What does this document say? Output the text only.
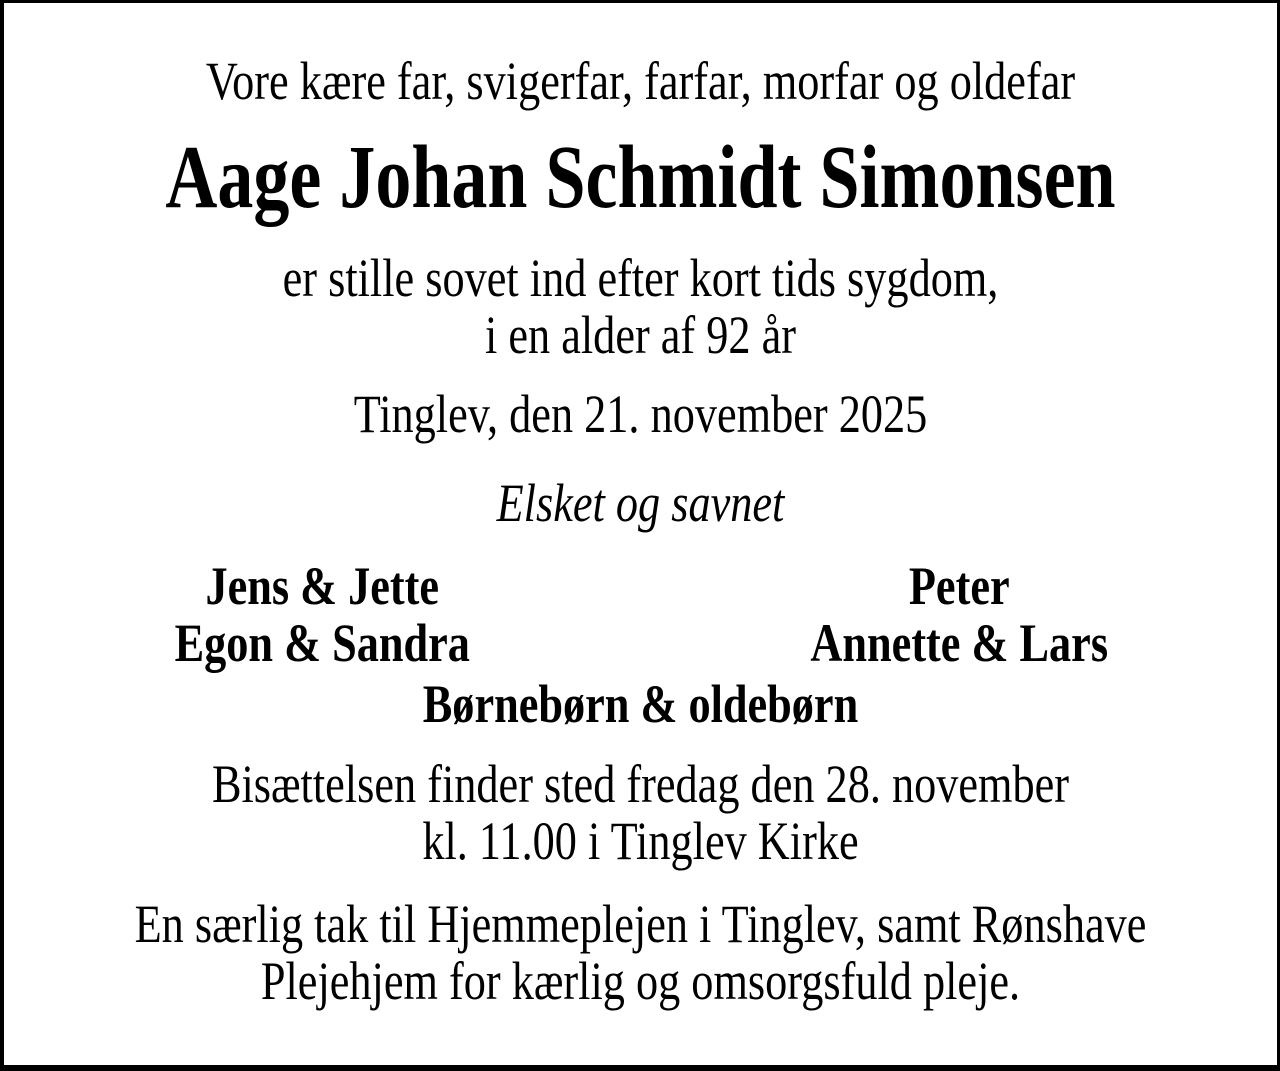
Vore kære far, svigerfar, farfar, morfar og oldefar

Aage Johan Schmidt Simonsen

er stille sovet ind efter kort tids sygdom,

i en alder af 92 år

Tinglev, den 21. november 2025

Elsket og savnet

Jens & Jette

Egon & Sandra

Peter

Annette & Lars

Børnebørn & oldebørn

Bisættelsen finder sted fredag den 28. november

kl. 11.00 i Tinglev Kirke

En særlig tak til Hjemmeplejen i Tinglev, samt Rønshave

Plejehjem for kærlig og omsorgsfuld pleje.
